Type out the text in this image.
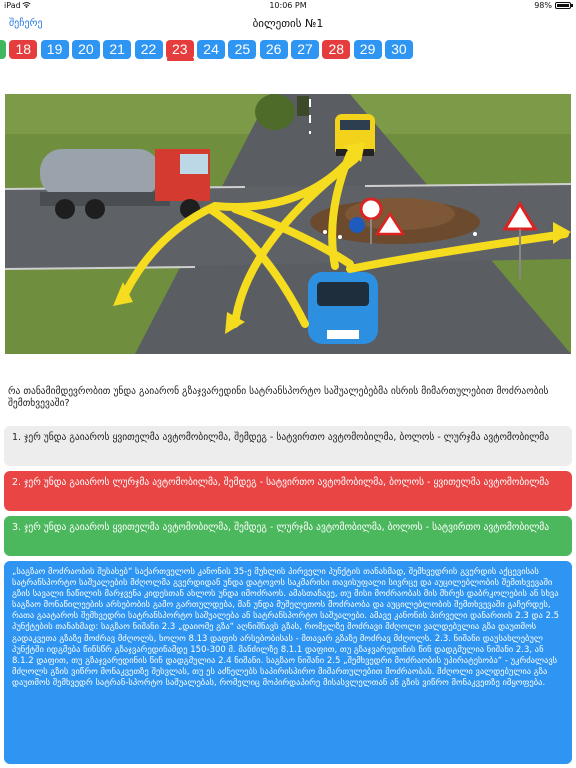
iPad	10:06 PM	98%
შეჩერე	ბილეთის №1
18	19	20	21	22	23	24	25	26	27	28	29	30
რა თანამიმდევრობით უნდა გაიარონ გზაჯვარედინი სატრანსპორტო საშუალებებმა ისრის მიმართულებით მოძრაობის შემთხვევაში?
1. ჯერ უნდა გაიაროს ყვითელმა ავტომობილმა, შემდეგ - სატვირთო ავტომობილმა, ბოლოს - ლურჯმა ავტომობილმა
2. ჯერ უნდა გაიაროს ლურჯმა ავტომობილმა, შემდეგ - სატვირთო ავტომობილმა, ბოლოს - ყვითელმა ავტომობილმა
3. ჯერ უნდა გაიაროს ყვითელმა ავტომობილმა, შემდეგ - ლურჯმა ავტომობილმა, ბოლოს - სატვირთო ავტომობილმა
„საგზაო მოძრაობის შესახებ“ საქართველოს კანონის 35-ე მუხლის პირველი პუნქტის თანახმად, შემხვედრის გვერდის აქცევისას სატრანსპორტო საშუალების მძღოლმა გვერდიდან უნდა დატოვოს საკმარისი თავისუფალი სივრცე და აუცილებლობის შემთხვევაში გზის სავალი ნაწილის მარჯვენა კიდესთან ახლოს უნდა იმოძრაოს. ამასთანავე, თუ მისი მოძრაობას მის მხრეს დაბრკოლების ან სხვა საგზაო მონაწილეების არსებობის გამო გართულდება, მან უნდა მუშელეთოს მოძრაობა და აუცილებლობის შემთხვევაში გაჩერდეს, რათა გაატაროს შემხვედრი სატრანსპორტო საშუალება ან სატრანსპორტო საშუალები. ამავე კანონის პირველი დანართის 2.3 და 2.5 პუნქტების თანახმად: საგზაო ნიშანი 2.3 „დაიომე გზა“ აღნიშნავს გზას, რომელზე მოძრავი მძღოლი ვალდებულია გზა დაუთმოს გადაკვეთა გზაზე მოძრავ მძღოლს, ხოლო 8.13 დაფის არსებობისას - მთავარ გზაზე მოძრავ მძღოლს. 2.3. ნიშანი დაუსახლებულ პუნქტში იდგმება წინსწრ გზაჯვარედინამდე 150-300 მ. მანძილზე 8.1.1 დაფით, თუ გზაჯვარედინის წინ დადგმულია ნიშანი 2.3, ან 8.1.2 დაფით, თუ გზაჯვარედინის წინ დადგმულია 2.4 ნიშანი. საგზაო ნიშანი 2.5 „შემხვედრი მოძრაობის უპირატესობა“ - უკრძალავს მძღოლს გზის ვიწრო მონაკვეთზე შესვლას, თუ ეს აძნელებს საპირისპირო მიმართულებით მოძრაობას. მძღოლი ვალდებულია გზა დაუთმოს შემხვედრ სატრან-სპორტო საშუალებას, რომელიც მოპირდაპირე მისასვლელთან ან გზის ვიწრო მონაკვეთზე იმყოფება.
